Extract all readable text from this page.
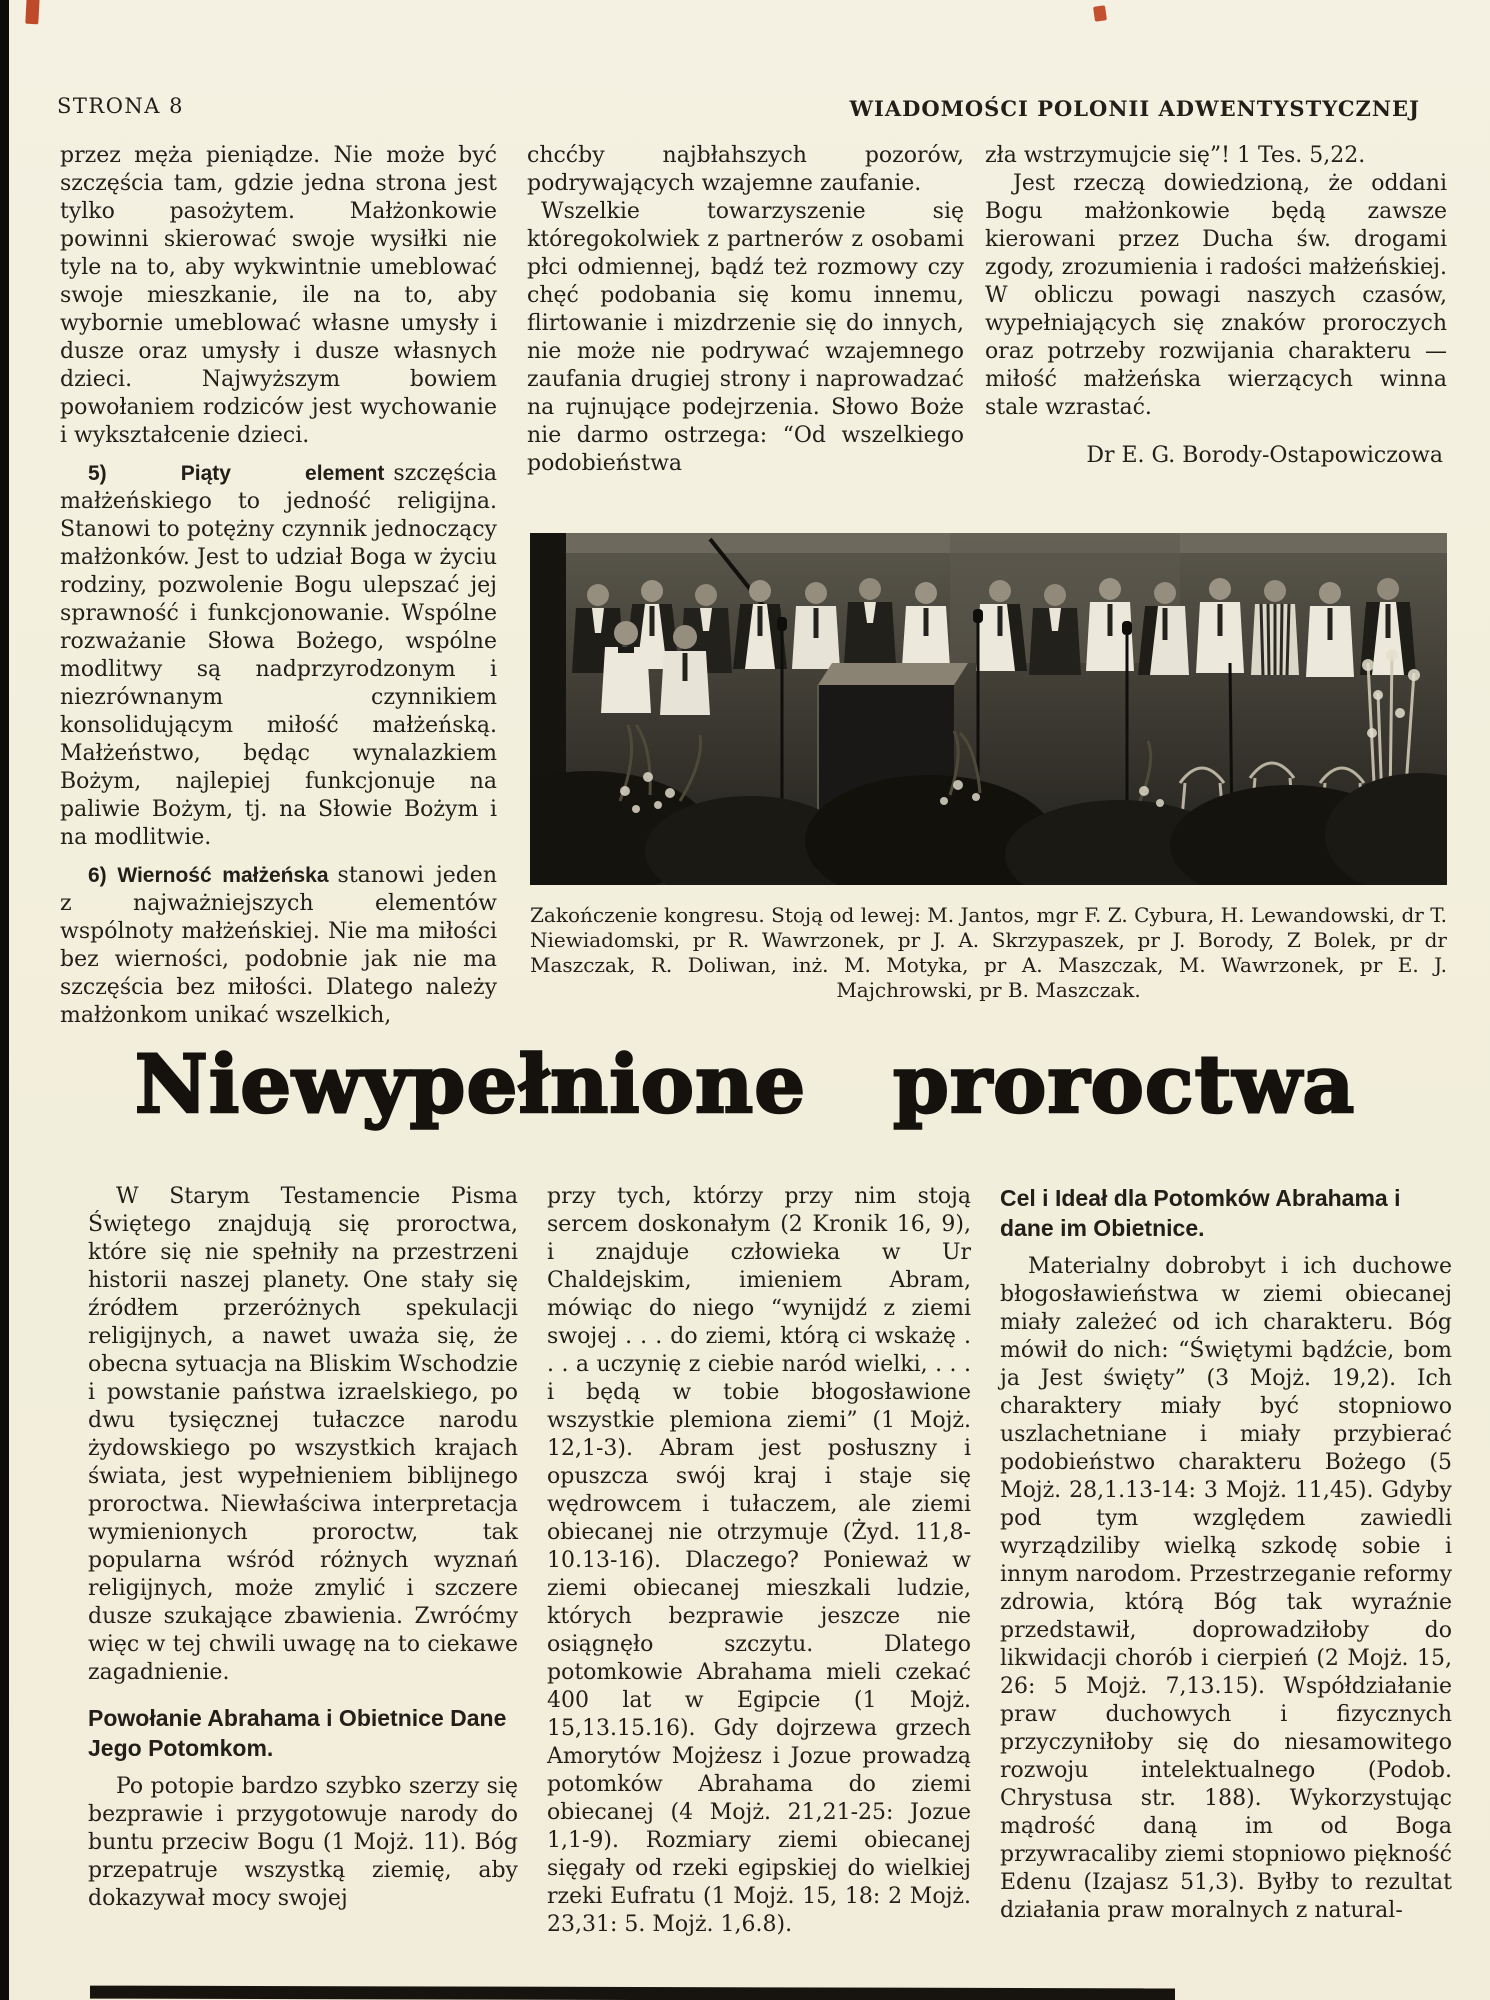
STRONA 8	WIADOMOŚCI POLONII ADWENTYSTYCZNEJ

przez męża pieniądze. Nie może być szczęścia tam, gdzie jedna strona jest tylko pasożytem. Małżonkowie powinni skierować swoje wysiłki nie tyle na to, aby wykwintnie umeblować swoje mieszkanie, ile na to, aby wybornie umeblować własne umysły i dusze oraz umysły i dusze własnych dzieci. Najwyższym bowiem powołaniem rodziców jest wychowanie i wykształcenie dzieci.

5) Piąty element szczęścia małżeńskiego to jedność religijna. Stanowi to potężny czynnik jednoczący małżonków. Jest to udział Boga w życiu rodziny, pozwolenie Bogu ulepszać jej sprawność i funkcjonowanie. Wspólne rozważanie Słowa Bożego, wspólne modlitwy są nadprzyrodzonym i niezrównanym czynnikiem konsolidującym miłość małżeńską. Małżeństwo, będąc wynalazkiem Bożym, najlepiej funkcjonuje na paliwie Bożym, tj. na Słowie Bożym i na modlitwie.

6) Wierność małżeńska stanowi jeden z najważniejszych elementów wspólnoty małżeńskiej. Nie ma miłości bez wierności, podobnie jak nie ma szczęścia bez miłości. Dlatego należy małżonkom unikać wszelkich,

chcćby najbłahszych pozorów, podrywających wzajemne zaufanie.

Wszelkie towarzyszenie się któregokolwiek z partnerów z osobami płci odmiennej, bądź też rozmowy czy chęć podobania się komu innemu, flirtowanie i mizdrzenie się do innych, nie może nie podrywać wzajemnego zaufania drugiej strony i naprowadzać na rujnujące podejrzenia. Słowo Boże nie darmo ostrzega: “Od wszelkiego podobieństwa

zła wstrzymujcie się”! 1 Tes. 5,22.

Jest rzeczą dowiedzioną, że oddani Bogu małżonkowie będą zawsze kierowani przez Ducha św. drogami zgody, zrozumienia i radości małżeńskiej. W obliczu powagi naszych czasów, wypełniających się znaków proroczych oraz potrzeby rozwijania charakteru — miłość małżeńska wierzących winna stale wzrastać.

Dr E. G. Borody-Ostapowiczowa
Zakończenie kongresu. Stoją od lewej: M. Jantos, mgr F. Z. Cybura, H. Lewandowski, dr T. Niewiadomski, pr R. Wawrzonek, pr J. A. Skrzypaszek, pr J. Borody, Z Bolek, pr dr Maszczak, R. Doliwan, inż. M. Motyka, pr A. Maszczak, M. Wawrzonek, pr E. J. Majchrowski, pr B. Maszczak.
Niewypełnione proroctwa

W Starym Testamencie Pisma Świętego znajdują się proroctwa, które się nie spełniły na przestrzeni historii naszej planety. One stały się źródłem przeróżnych spekulacji religijnych, a nawet uważa się, że obecna sytuacja na Bliskim Wschodzie i powstanie państwa izraelskiego, po dwu tysięcznej tułaczce narodu żydowskiego po wszystkich krajach świata, jest wypełnieniem biblijnego proroctwa. Niewłaściwa interpretacja wymienionych proroctw, tak popularna wśród różnych wyznań religijnych, może zmylić i szczere dusze szukające zbawienia. Zwróćmy więc w tej chwili uwagę na to ciekawe zagadnienie.

Powołanie Abrahama i Obietnice Dane Jego Potomkom.

Po potopie bardzo szybko szerzy się bezprawie i przygotowuje narody do buntu przeciw Bogu (1 Mojż. 11). Bóg przepatruje wszystką ziemię, aby dokazywał mocy swojej

przy tych, którzy przy nim stoją sercem doskonałym (2 Kronik 16, 9), i znajduje człowieka w Ur Chaldejskim, imieniem Abram, mówiąc do niego “wynijdź z ziemi swojej . . . do ziemi, którą ci wskażę . . . a uczynię z ciebie naród wielki, . . . i będą w tobie błogosławione wszystkie plemiona ziemi” (1 Mojż. 12,1-3). Abram jest posłuszny i opuszcza swój kraj i staje się wędrowcem i tułaczem, ale ziemi obiecanej nie otrzymuje (Żyd. 11,8-10.13-16). Dlaczego? Ponieważ w ziemi obiecanej mieszkali ludzie, których bezprawie jeszcze nie osiągnęło szczytu. Dlatego potomkowie Abrahama mieli czekać 400 lat w Egipcie (1 Mojż. 15,13.15.16). Gdy dojrzewa grzech Amorytów Mojżesz i Jozue prowadzą potomków Abrahama do ziemi obiecanej (4 Mojż. 21,21-25: Jozue 1,1-9). Rozmiary ziemi obiecanej sięgały od rzeki egipskiej do wielkiej rzeki Eufratu (1 Mojż. 15, 18: 2 Mojż. 23,31: 5. Mojż. 1,6.8).

Cel i Ideał dla Potomków Abrahama i dane im Obietnice.

Materialny dobrobyt i ich duchowe błogosławieństwa w ziemi obiecanej miały zależeć od ich charakteru. Bóg mówił do nich: “Świętymi bądźcie, bom ja Jest święty” (3 Mojż. 19,2). Ich charaktery miały być stopniowo uszlachetniane i miały przybierać podobieństwo charakteru Bożego (5 Mojż. 28,1.13-14: 3 Mojż. 11,45). Gdyby pod tym względem zawiedli wyrządziliby wielką szkodę sobie i innym narodom. Przestrzeganie reformy zdrowia, którą Bóg tak wyraźnie przedstawił, doprowadziłoby do likwidacji chorób i cierpień (2 Mojż. 15, 26: 5 Mojż. 7,13.15). Współdziałanie praw duchowych i fizycznych przyczyniłoby się do niesamowitego rozwoju intelektualnego (Podob. Chrystusa str. 188). Wykorzystując mądrość daną im od Boga przywracaliby ziemi stopniowo piękność Edenu (Izajasz 51,3). Byłby to rezultat działania praw moralnych z natural-
